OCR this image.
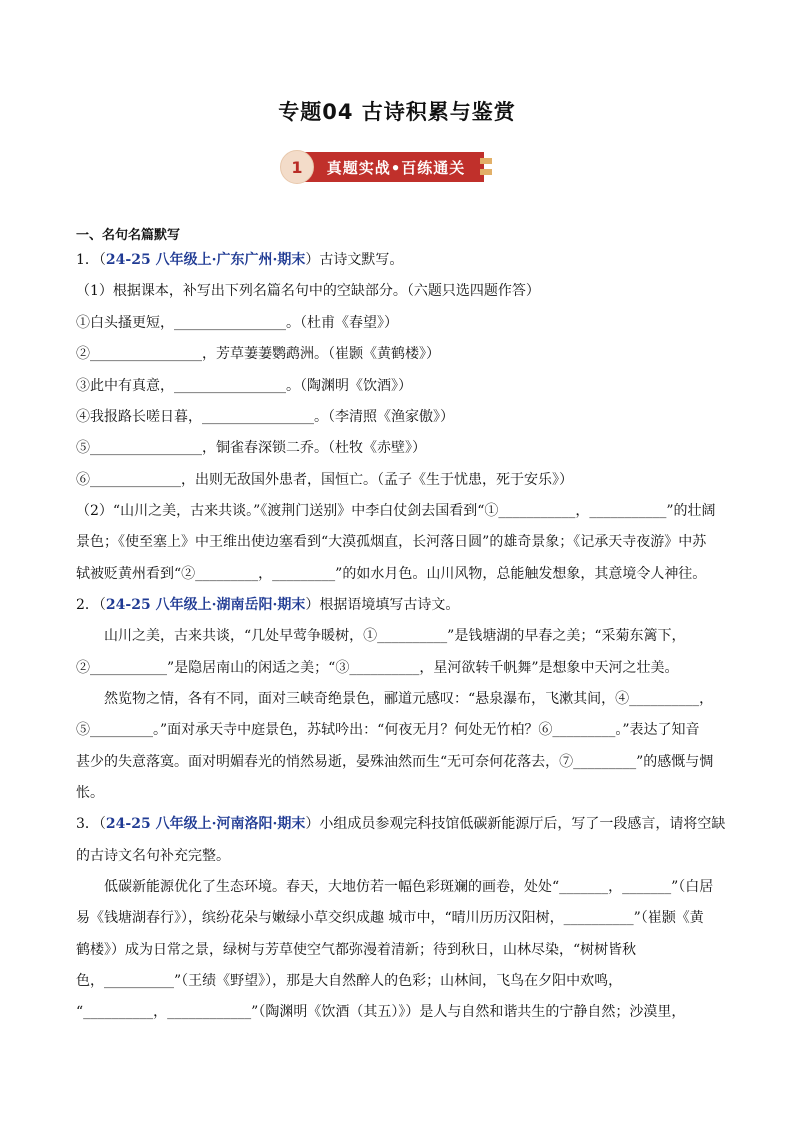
专题04 古诗积累与鉴赏
真题实战•百练通关
1
一、名句名篇默写
1．（24-25 八年级上·广东广州·期末）古诗文默写。
（1）根据课本，补写出下列名篇名句中的空缺部分。（六题只选四题作答）
①白头搔更短，________________。（杜甫《春望》）
②________________，芳草萋萋鹦鹉洲。（崔颢《黄鹤楼》）
③此中有真意，________________。（陶渊明《饮酒》）
④我报路长嗟日暮，________________。（李清照《渔家傲》）
⑤________________，铜雀春深锁二乔。（杜牧《赤壁》）
⑥_____________，出则无敌国外患者，国恒亡。（孟子《生于忧患，死于安乐》）
（2）“山川之美，古来共谈。”《渡荆门送别》中李白仗剑去国看到“①___________，___________”的壮阔
景色；《使至塞上》中王维出使边塞看到“大漠孤烟直，长河落日圆”的雄奇景象；《记承天寺夜游》中苏
轼被贬黄州看到“②_________，_________”的如水月色。山川风物，总能触发想象，其意境令人神往。
2．（24-25 八年级上·湖南岳阳·期末）根据语境填写古诗文。
山川之美，古来共谈，“几处早莺争暖树，①__________”是钱塘湖的早春之美；“采菊东篱下，
②___________”是隐居南山的闲适之美；“③__________，星河欲转千帆舞”是想象中天河之壮美。
然览物之情，各有不同，面对三峡奇绝景色，郦道元感叹：“悬泉瀑布，飞漱其间，④__________，
⑤_________。”面对承天寺中庭景色，苏轼吟出：“何夜无月？何处无竹柏？⑥_________。”表达了知音
甚少的失意落寞。面对明媚春光的悄然易逝，晏殊油然而生“无可奈何花落去，⑦_________”的感慨与惆
怅。
3．（24-25 八年级上·河南洛阳·期末）小组成员参观完科技馆低碳新能源厅后，写了一段感言，请将空缺
的古诗文名句补充完整。
低碳新能源优化了生态环境。春天，大地仿若一幅色彩斑斓的画卷，处处“_______，_______”（白居
易《钱塘湖春行》），缤纷花朵与嫩绿小草交织成趣 城市中，“晴川历历汉阳树，__________”（崔颢《黄
鹤楼》）成为日常之景，绿树与芳草使空气都弥漫着清新；待到秋日，山林尽染，“树树皆秋
色，__________”（王绩《野望》），那是大自然醉人的色彩；山林间，飞鸟在夕阳中欢鸣，
“__________，____________”（陶渊明《饮酒（其五）》）是人与自然和谐共生的宁静自然；沙漠里，
